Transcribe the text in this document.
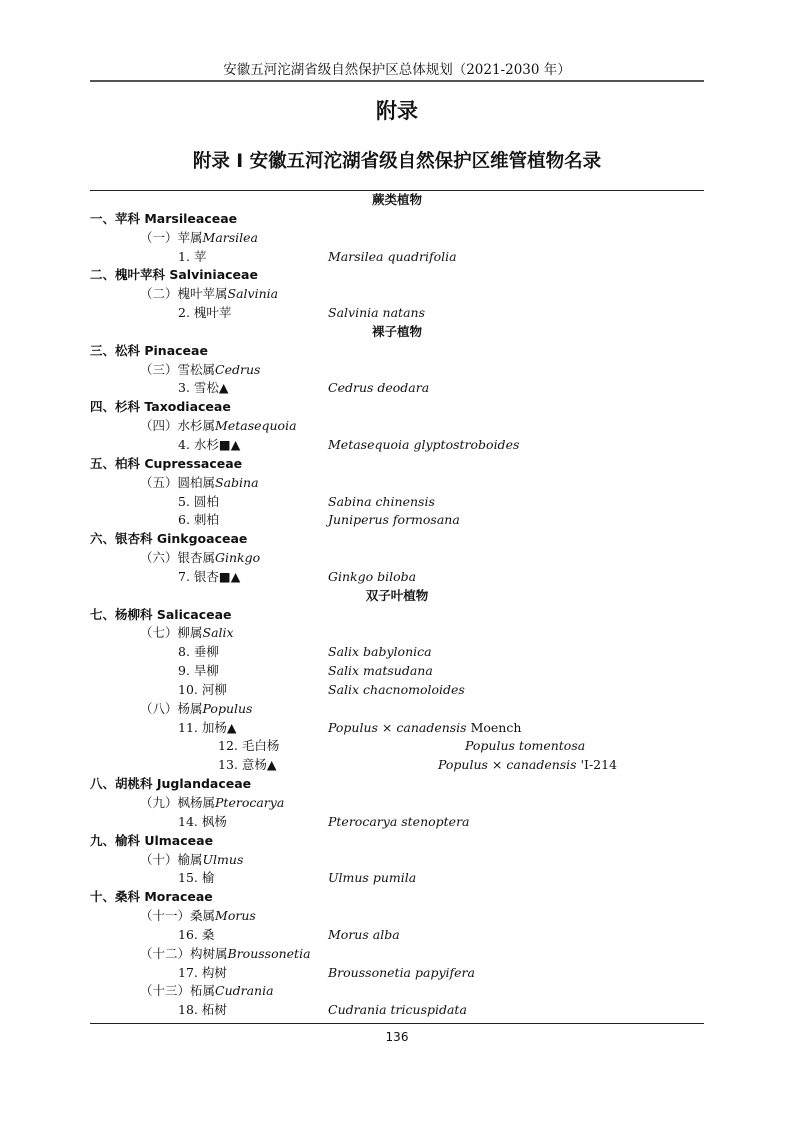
安徽五河沱湖省级自然保护区总体规划（2021-2030 年）
附录
附录 I 安徽五河沱湖省级自然保护区维管植物名录
蕨类植物
一、苹科 Marsileaceae
（一）苹属Marsilea
1. 苹	Marsilea quadrifolia
二、槐叶苹科 Salviniaceae
（二）槐叶苹属Salvinia
2. 槐叶苹	Salvinia natans
裸子植物
三、松科 Pinaceae
（三）雪松属Cedrus
3. 雪松▲	Cedrus deodara
四、杉科 Taxodiaceae
（四）水杉属Metasequoia
4. 水杉■▲	Metasequoia glyptostroboides
五、柏科 Cupressaceae
（五）圆柏属Sabina
5. 圆柏	Sabina chinensis
6. 刺柏	Juniperus formosana
六、银杏科 Ginkgoaceae
（六）银杏属Ginkgo
7. 银杏■▲	Ginkgo biloba
双子叶植物
七、杨柳科 Salicaceae
（七）柳属Salix
8. 垂柳	Salix babylonica
9. 旱柳	Salix matsudana
10. 河柳	Salix chacnomoloides
（八）杨属Populus
11. 加杨▲	Populus × canadensis Moench
12. 毛白杨	Populus tomentosa
13. 意杨▲	Populus × canadensis 'I-214
八、胡桃科 Juglandaceae
（九）枫杨属Pterocarya
14. 枫杨	Pterocarya stenoptera
九、榆科 Ulmaceae
（十）榆属Ulmus
15. 榆	Ulmus pumila
十、桑科 Moraceae
（十一）桑属Morus
16. 桑	Morus alba
（十二）构树属Broussonetia
17. 构树	Broussonetia papyifera
（十三）柘属Cudrania
18. 柘树	Cudrania tricuspidata
136
